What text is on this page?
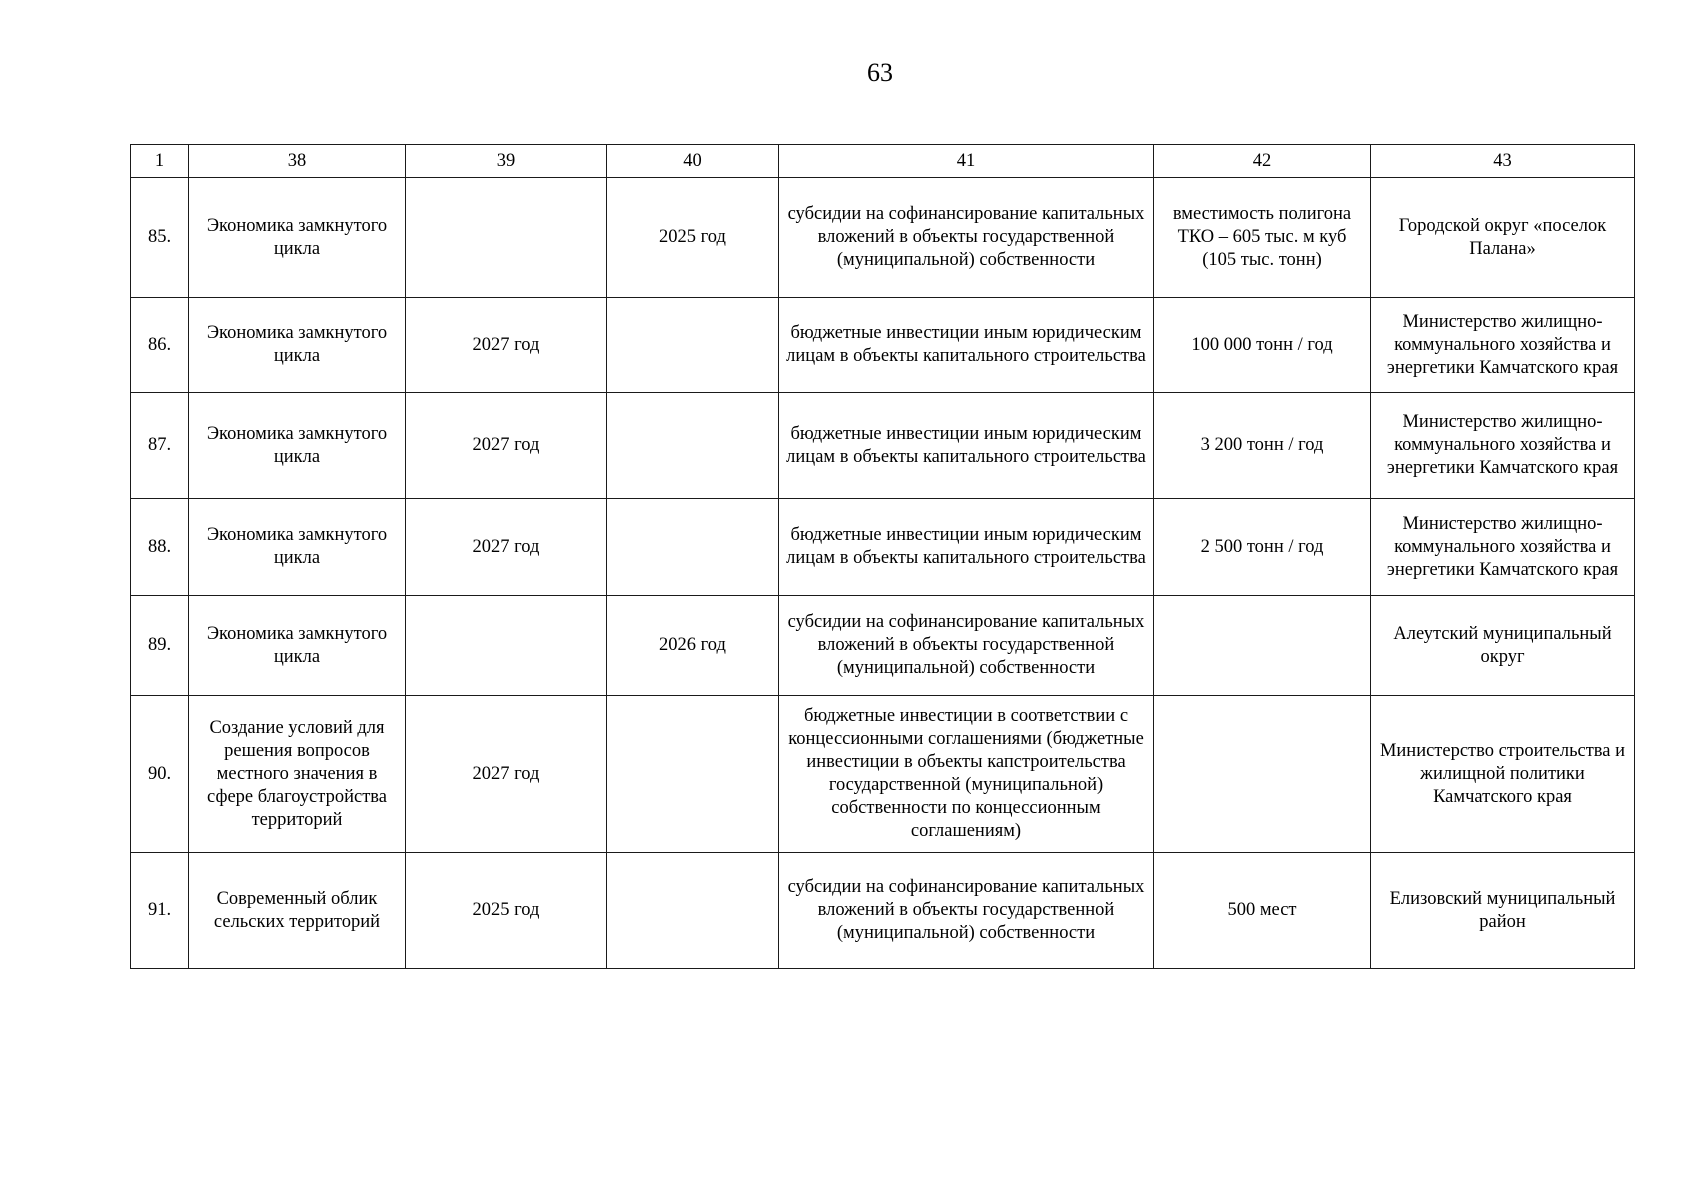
63
1	38	39	40	41	42	43
85.	Экономика замкнутого цикла		2025 год	субсидии на софинансирование капитальных вложений в объекты государственной (муниципальной) собственности	вместимость полигона ТКО – 605 тыс. м куб (105 тыс. тонн)	Городской округ «поселок Палана»
86.	Экономика замкнутого цикла	2027 год		бюджетные инвестиции иным юридическим лицам в объекты капитального строительства	100 000 тонн / год	Министерство жилищно-коммунального хозяйства и энергетики Камчатского края
87.	Экономика замкнутого цикла	2027 год		бюджетные инвестиции иным юридическим лицам в объекты капитального строительства	3 200 тонн / год	Министерство жилищно-коммунального хозяйства и энергетики Камчатского края
88.	Экономика замкнутого цикла	2027 год		бюджетные инвестиции иным юридическим лицам в объекты капитального строительства	2 500 тонн / год	Министерство жилищно-коммунального хозяйства и энергетики Камчатского края
89.	Экономика замкнутого цикла		2026 год	субсидии на софинансирование капитальных вложений в объекты государственной (муниципальной) собственности		Алеутский муниципальный округ
90.	Создание условий для решения вопросов местного значения в сфере благоустройства территорий	2027 год		бюджетные инвестиции в соответствии с концессионными соглашениями (бюджетные инвестиции в объекты капстроительства государственной (муниципальной) собственности по концессионным соглашениям)		Министерство строительства и жилищной политики Камчатского края
91.	Современный облик сельских территорий	2025 год		субсидии на софинансирование капитальных вложений в объекты государственной (муниципальной) собственности	500 мест	Елизовский муниципальный район
